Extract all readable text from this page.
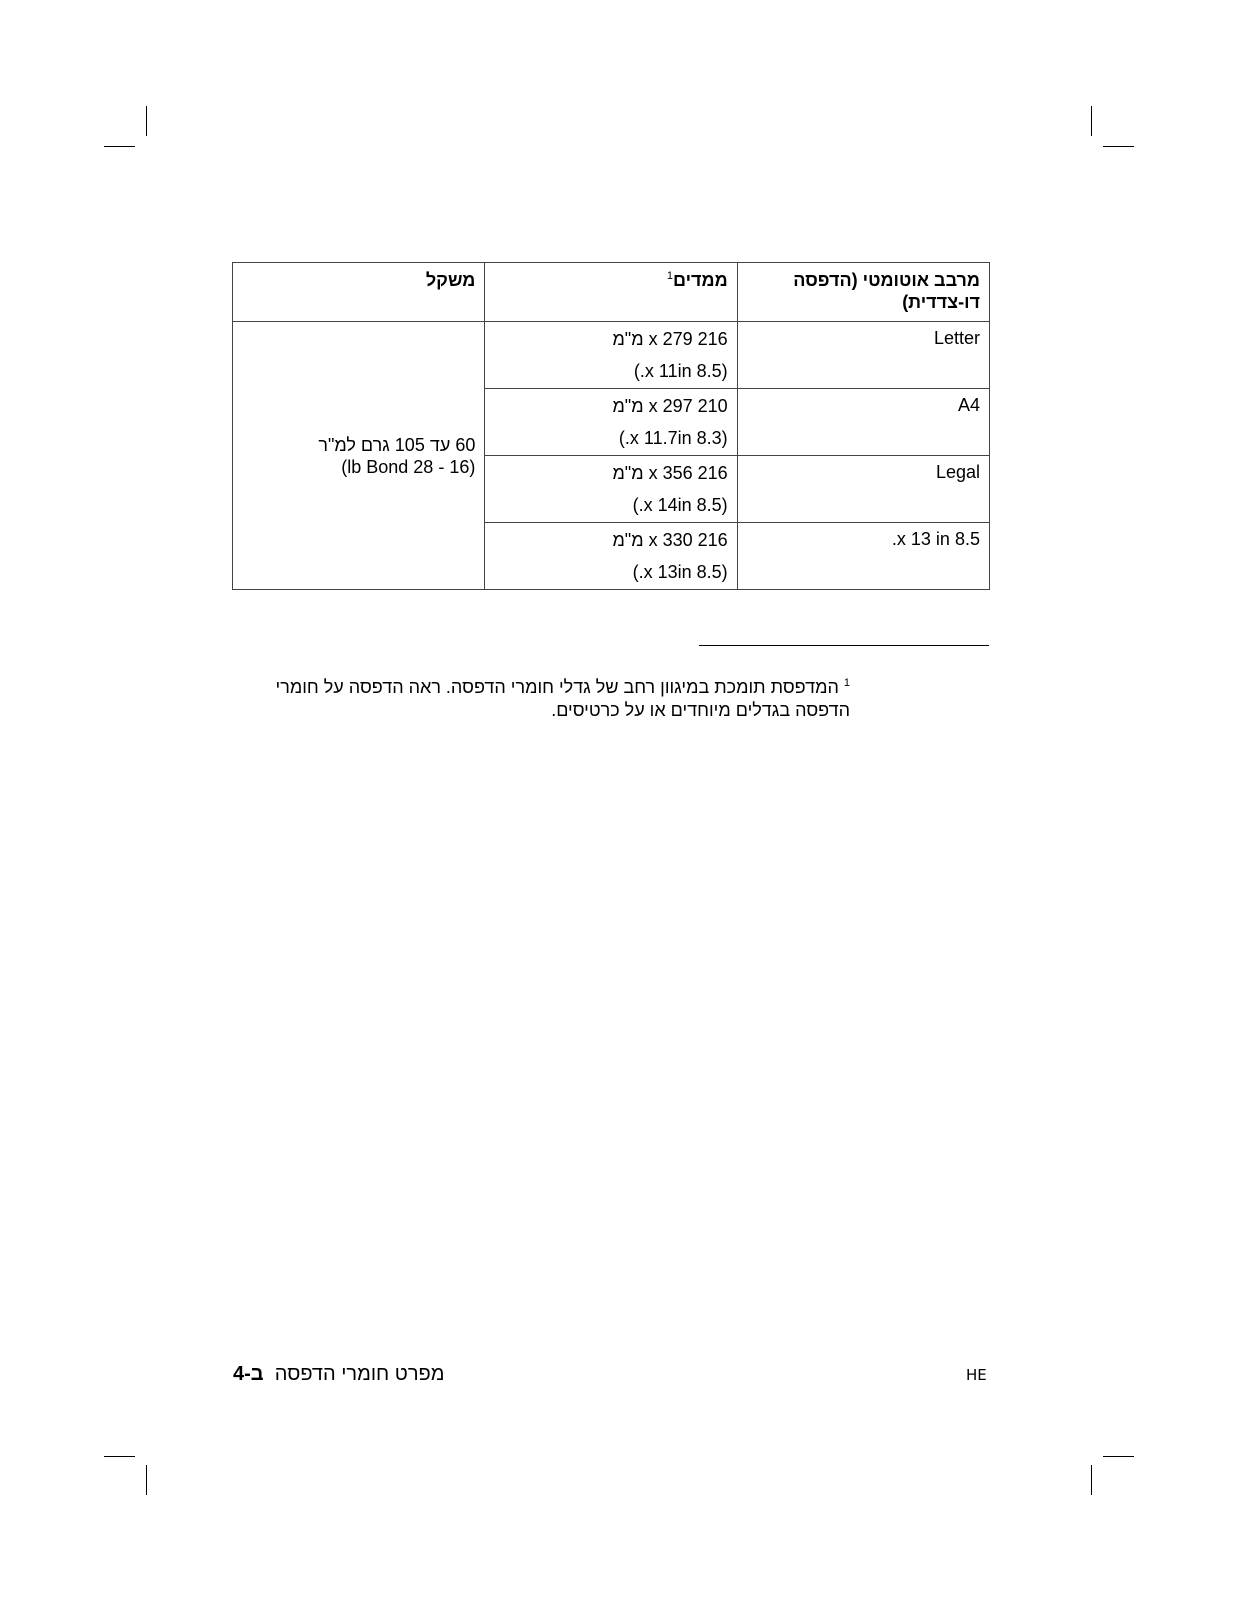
מרבב אוטומטי (הדפסה דו-צדדית)	ממדים$^1$	משקל
Letter	216 x 279 מ"מ
(8.5 x 11in.)	60 עד 105 גרם למ"ר
(16 - 28 lb Bond)

A4	210 x 297 מ"מ
(8.3 x 11.7in.)	

Legal	216 x 356 מ"מ
(8.5 x 14in.)	

8.5 x 13 in.	216 x 330 מ"מ
(8.5 x 13in.)	
$^1$ המדפסת תומכת במיגוון רחב של גדלי חומרי הדפסה. ראה הדפסה על חומרי הדפסה בגדלים מיוחדים או על כרטיסים.
מפרט חומרי הדפסה  ב-4	HE
